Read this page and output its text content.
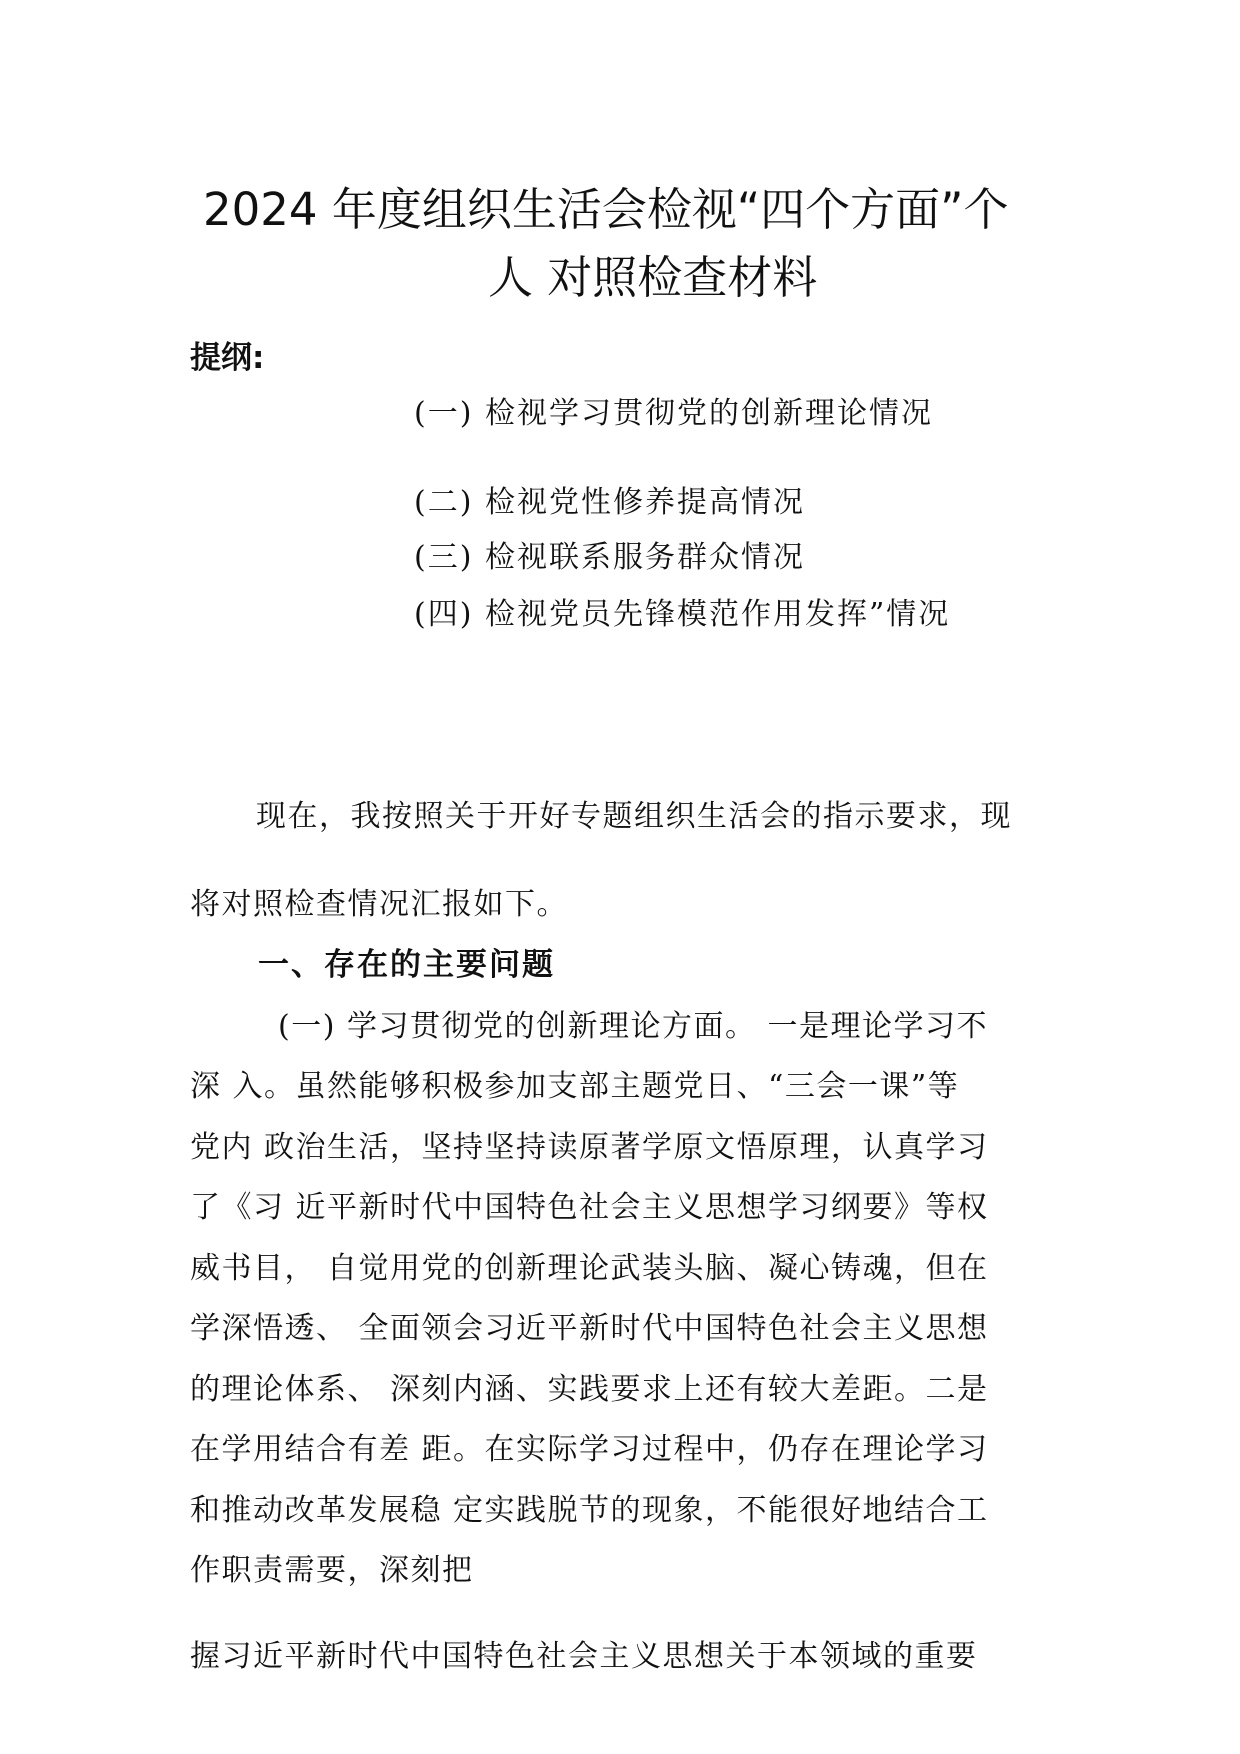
2024 年度组织生活会检视“四个方面”个
人 对照检查材料
提纲:
(一) 检视学习贯彻党的创新理论情况
(二) 检视党性修养提高情况
(三) 检视联系服务群众情况
(四) 检视党员先锋模范作用发挥”情况
现在，我按照关于开好专题组织生活会的指示要求，现
将对照检查情况汇报如下。
一、存在的主要问题
(一) 学习贯彻党的创新理论方面。 一是理论学习不
深 入。虽然能够积极参加支部主题党日、“三会一课”等
党内 政治生活，坚持坚持读原著学原文悟原理，认真学习
了《习 近平新时代中国特色社会主义思想学习纲要》等权
威书目， 自觉用党的创新理论武装头脑、凝心铸魂，但在
学深悟透、 全面领会习近平新时代中国特色社会主义思想
的理论体系、 深刻内涵、实践要求上还有较大差距。二是
在学用结合有差 距。在实际学习过程中，仍存在理论学习
和推动改革发展稳 定实践脱节的现象，不能很好地结合工
作职责需要，深刻把
握习近平新时代中国特色社会主义思想关于本领域的重要
